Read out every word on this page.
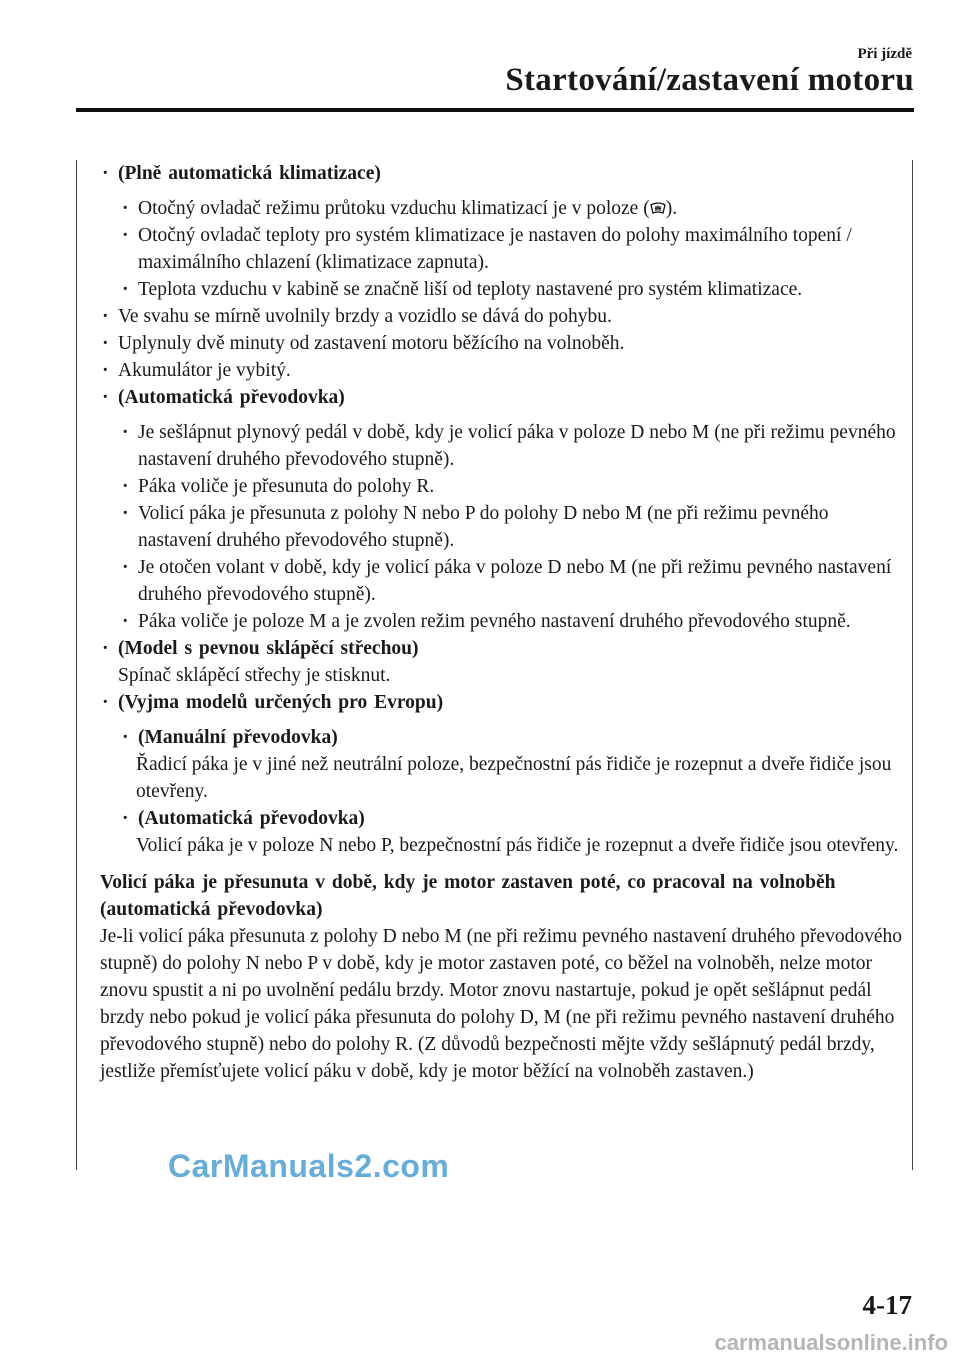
Při jízdě
Startování/zastavení motoru
· (Plně automatická klimatizace)
· Otočný ovladač režimu průtoku vzduchu klimatizací je v poloze ( ).
· Otočný ovladač teploty pro systém klimatizace je nastaven do polohy maximálního topení / maximálního chlazení (klimatizace zapnuta).
· Teplota vzduchu v kabině se značně liší od teploty nastavené pro systém klimatizace.
· Ve svahu se mírně uvolnily brzdy a vozidlo se dává do pohybu.
· Uplynuly dvě minuty od zastavení motoru běžícího na volnoběh.
· Akumulátor je vybitý.
· (Automatická převodovka)
· Je sešlápnut plynový pedál v době, kdy je volicí páka v poloze D nebo M (ne při režimu pevného nastavení druhého převodového stupně).
· Páka voliče je přesunuta do polohy R.
· Volicí páka je přesunuta z polohy N nebo P do polohy D nebo M (ne při režimu pevného nastavení druhého převodového stupně).
· Je otočen volant v době, kdy je volicí páka v poloze D nebo M (ne při režimu pevného nastavení druhého převodového stupně).
· Páka voliče je poloze M a je zvolen režim pevného nastavení druhého převodového stupně.
· (Model s pevnou sklápěcí střechou)
Spínač sklápěcí střechy je stisknut.
· (Vyjma modelů určených pro Evropu)
· (Manuální převodovka)
Řadicí páka je v jiné než neutrální poloze, bezpečnostní pás řidiče je rozepnut a dveře řidiče jsou otevřeny.
· (Automatická převodovka)
Volicí páka je v poloze N nebo P, bezpečnostní pás řidiče je rozepnut a dveře řidiče jsou otevřeny.

Volicí páka je přesunuta v době, kdy je motor zastaven poté, co pracoval na volnoběh (automatická převodovka)

Je-li volicí páka přesunuta z polohy D nebo M (ne při režimu pevného nastavení druhého převodového stupně) do polohy N nebo P v době, kdy je motor zastaven poté, co běžel na volnoběh, nelze motor znovu spustit a ni po uvolnění pedálu brzdy. Motor znovu nastartuje, pokud je opět sešlápnut pedál brzdy nebo pokud je volicí páka přesunuta do polohy D, M (ne při režimu pevného nastavení druhého převodového stupně) nebo do polohy R. (Z důvodů bezpečnosti mějte vždy sešlápnutý pedál brzdy, jestliže přemísťujete volicí páku v době, kdy je motor běžící na volnoběh zastaven.)

CarManuals2.com
4-17
carmanualsonline.info
